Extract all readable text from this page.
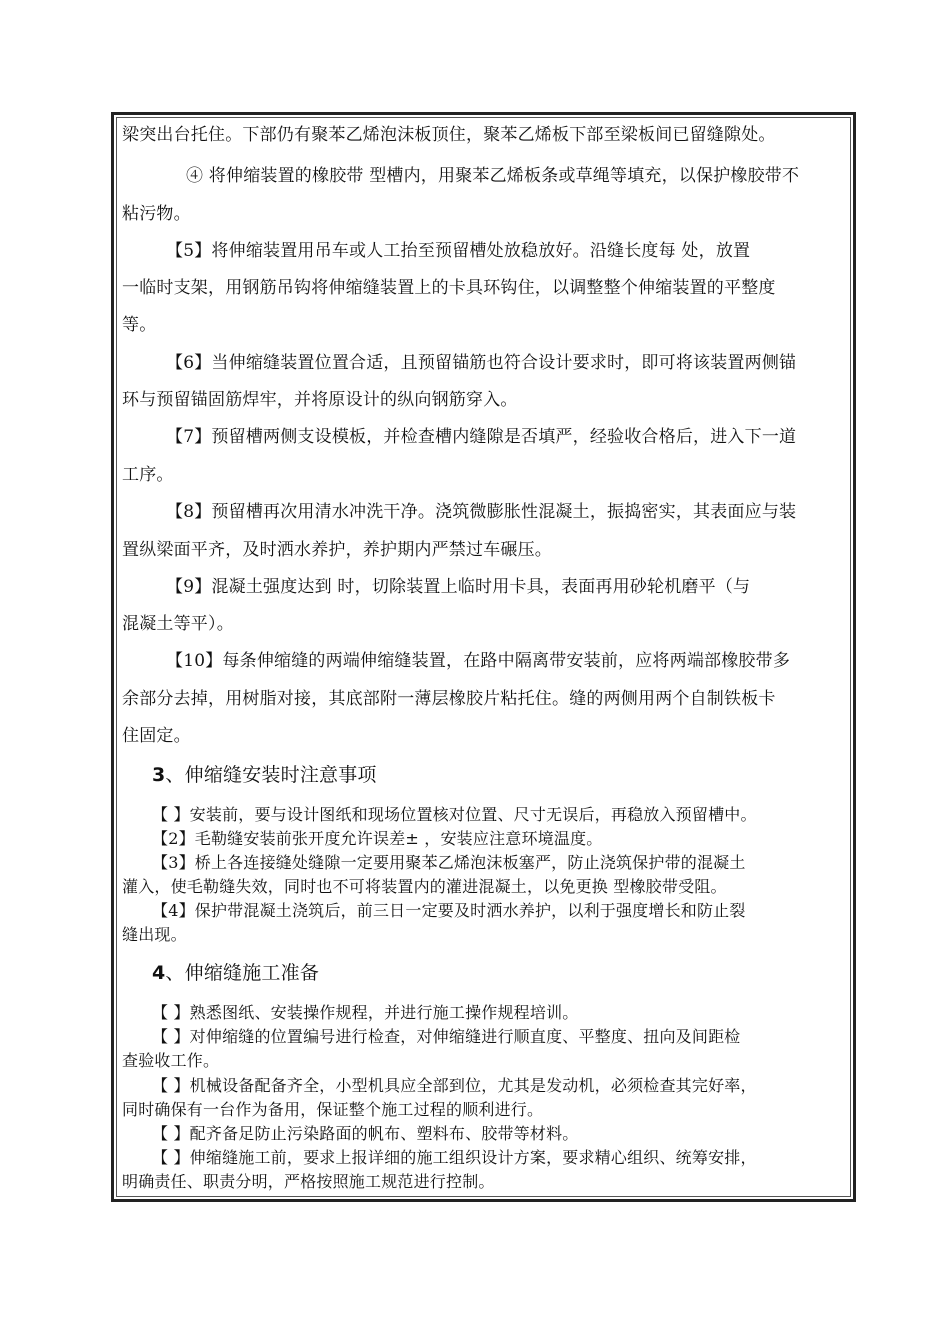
梁突出台托住。下部仍有聚苯乙烯泡沫板顶住，聚苯乙烯板下部至梁板间已留缝隙处。
④ 将伸缩装置的橡胶带 型槽内，用聚苯乙烯板条或草绳等填充，以保护橡胶带不
粘污物。
【5】将伸缩装置用吊车或人工抬至预留槽处放稳放好。沿缝长度每 处，放置
一临时支架，用钢筋吊钩将伸缩缝装置上的卡具环钩住，以调整整个伸缩装置的平整度
等。
【6】当伸缩缝装置位置合适，且预留锚筋也符合设计要求时，即可将该装置两侧锚
环与预留锚固筋焊牢，并将原设计的纵向钢筋穿入。
【7】预留槽两侧支设模板，并检查槽内缝隙是否填严，经验收合格后，进入下一道
工序。
【8】预留槽再次用清水冲洗干净。浇筑微膨胀性混凝土，振捣密实，其表面应与装
置纵梁面平齐，及时洒水养护，养护期内严禁过车碾压。
【9】混凝土强度达到 时，切除装置上临时用卡具，表面再用砂轮机磨平（与
混凝土等平）。
【10】每条伸缩缝的两端伸缩缝装置，在路中隔离带安装前，应将两端部橡胶带多
余部分去掉，用树脂对接，其底部附一薄层橡胶片粘托住。缝的两侧用两个自制铁板卡
住固定。
3、伸缩缝安装时注意事项
【 】安装前，要与设计图纸和现场位置核对位置、尺寸无误后，再稳放入预留槽中。
【2】毛勒缝安装前张开度允许误差± ，安装应注意环境温度。
【3】桥上各连接缝处缝隙一定要用聚苯乙烯泡沫板塞严，防止浇筑保护带的混凝土
灌入，使毛勒缝失效，同时也不可将装置内的灌进混凝土，以免更换 型橡胶带受阻。
【4】保护带混凝土浇筑后，前三日一定要及时洒水养护，以利于强度增长和防止裂
缝出现。
4、伸缩缝施工准备
【 】熟悉图纸、安装操作规程，并进行施工操作规程培训。
【 】对伸缩缝的位置编号进行检查，对伸缩缝进行顺直度、平整度、扭向及间距检
查验收工作。
【 】机械设备配备齐全，小型机具应全部到位，尤其是发动机，必须检查其完好率，
同时确保有一台作为备用，保证整个施工过程的顺利进行。
【 】配齐备足防止污染路面的帆布、塑料布、胶带等材料。
【 】伸缩缝施工前，要求上报详细的施工组织设计方案，要求精心组织、统筹安排，
明确责任、职责分明，严格按照施工规范进行控制。
